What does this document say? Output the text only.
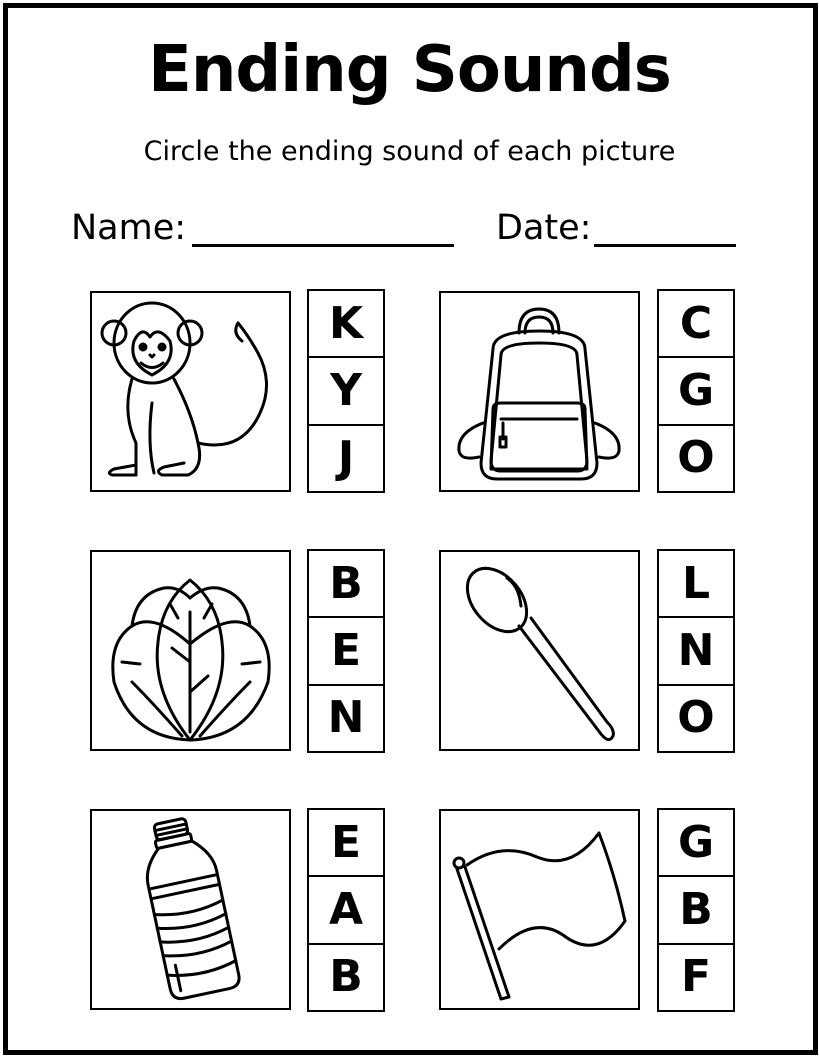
Ending Sounds
Circle the ending sound of each picture
Name:	Date:
K
Y
J
C
G
O
B
E
N
L
N
O
E
A
B
G
B
F
